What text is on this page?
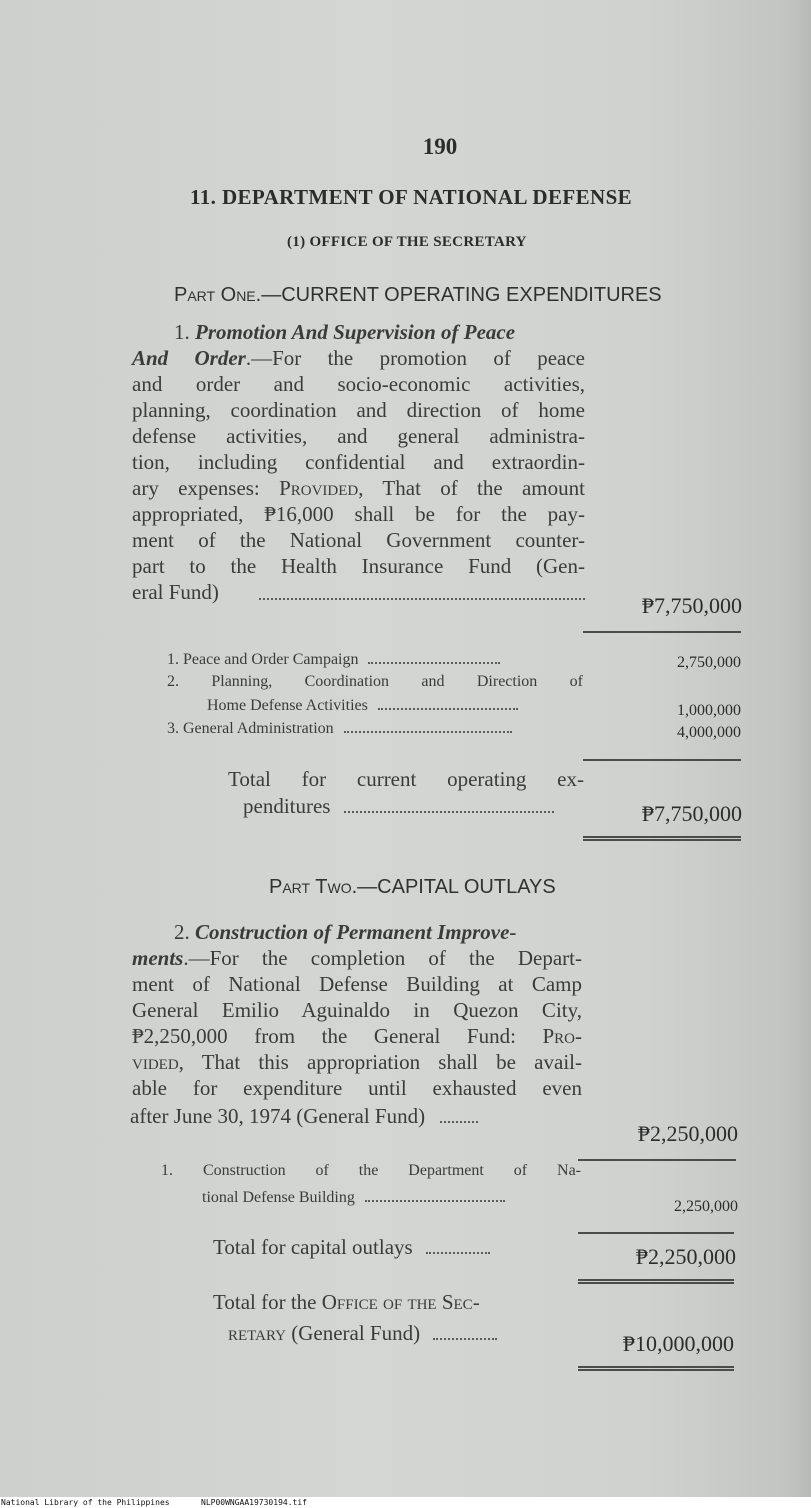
190
11. DEPARTMENT OF NATIONAL DEFENSE
(1) OFFICE OF THE SECRETARY
Part One.—CURRENT OPERATING EXPENDITURES
1. Promotion And Supervision of Peace
And Order.—For the promotion of peace
and order and socio-economic activities,
planning, coordination and direction of home
defense activities, and general administra-
tion, including confidential and extraordin-
ary expenses: Provided, That of the amount
appropriated, ₱16,000 shall be for the pay-
ment of the National Government counter-
part to the Health Insurance Fund (Gen-
eral Fund)
₱7,750,000
1. Peace and Order Campaign	2,750,000
2. Planning, Coordination and Direction of
Home Defense Activities	1,000,000
3. General Administration	4,000,000
Total for current operating ex-
penditures	₱7,750,000
Part Two.—CAPITAL OUTLAYS
2. Construction of Permanent Improve-
ments.—For the completion of the Depart-
ment of National Defense Building at Camp
General Emilio Aguinaldo in Quezon City,
₱2,250,000 from the General Fund: Pro-
vided, That this appropriation shall be avail-
able for expenditure until exhausted even
after June 30, 1974 (General Fund)
₱2,250,000
1. Construction of the Department of Na-
tional Defense Building
2,250,000
Total for capital outlays	₱2,250,000
Total for the Office of the Sec-
retary (General Fund)	₱10,000,000
National Library of the Philippines	NLP00WNGAA19730194.tif
